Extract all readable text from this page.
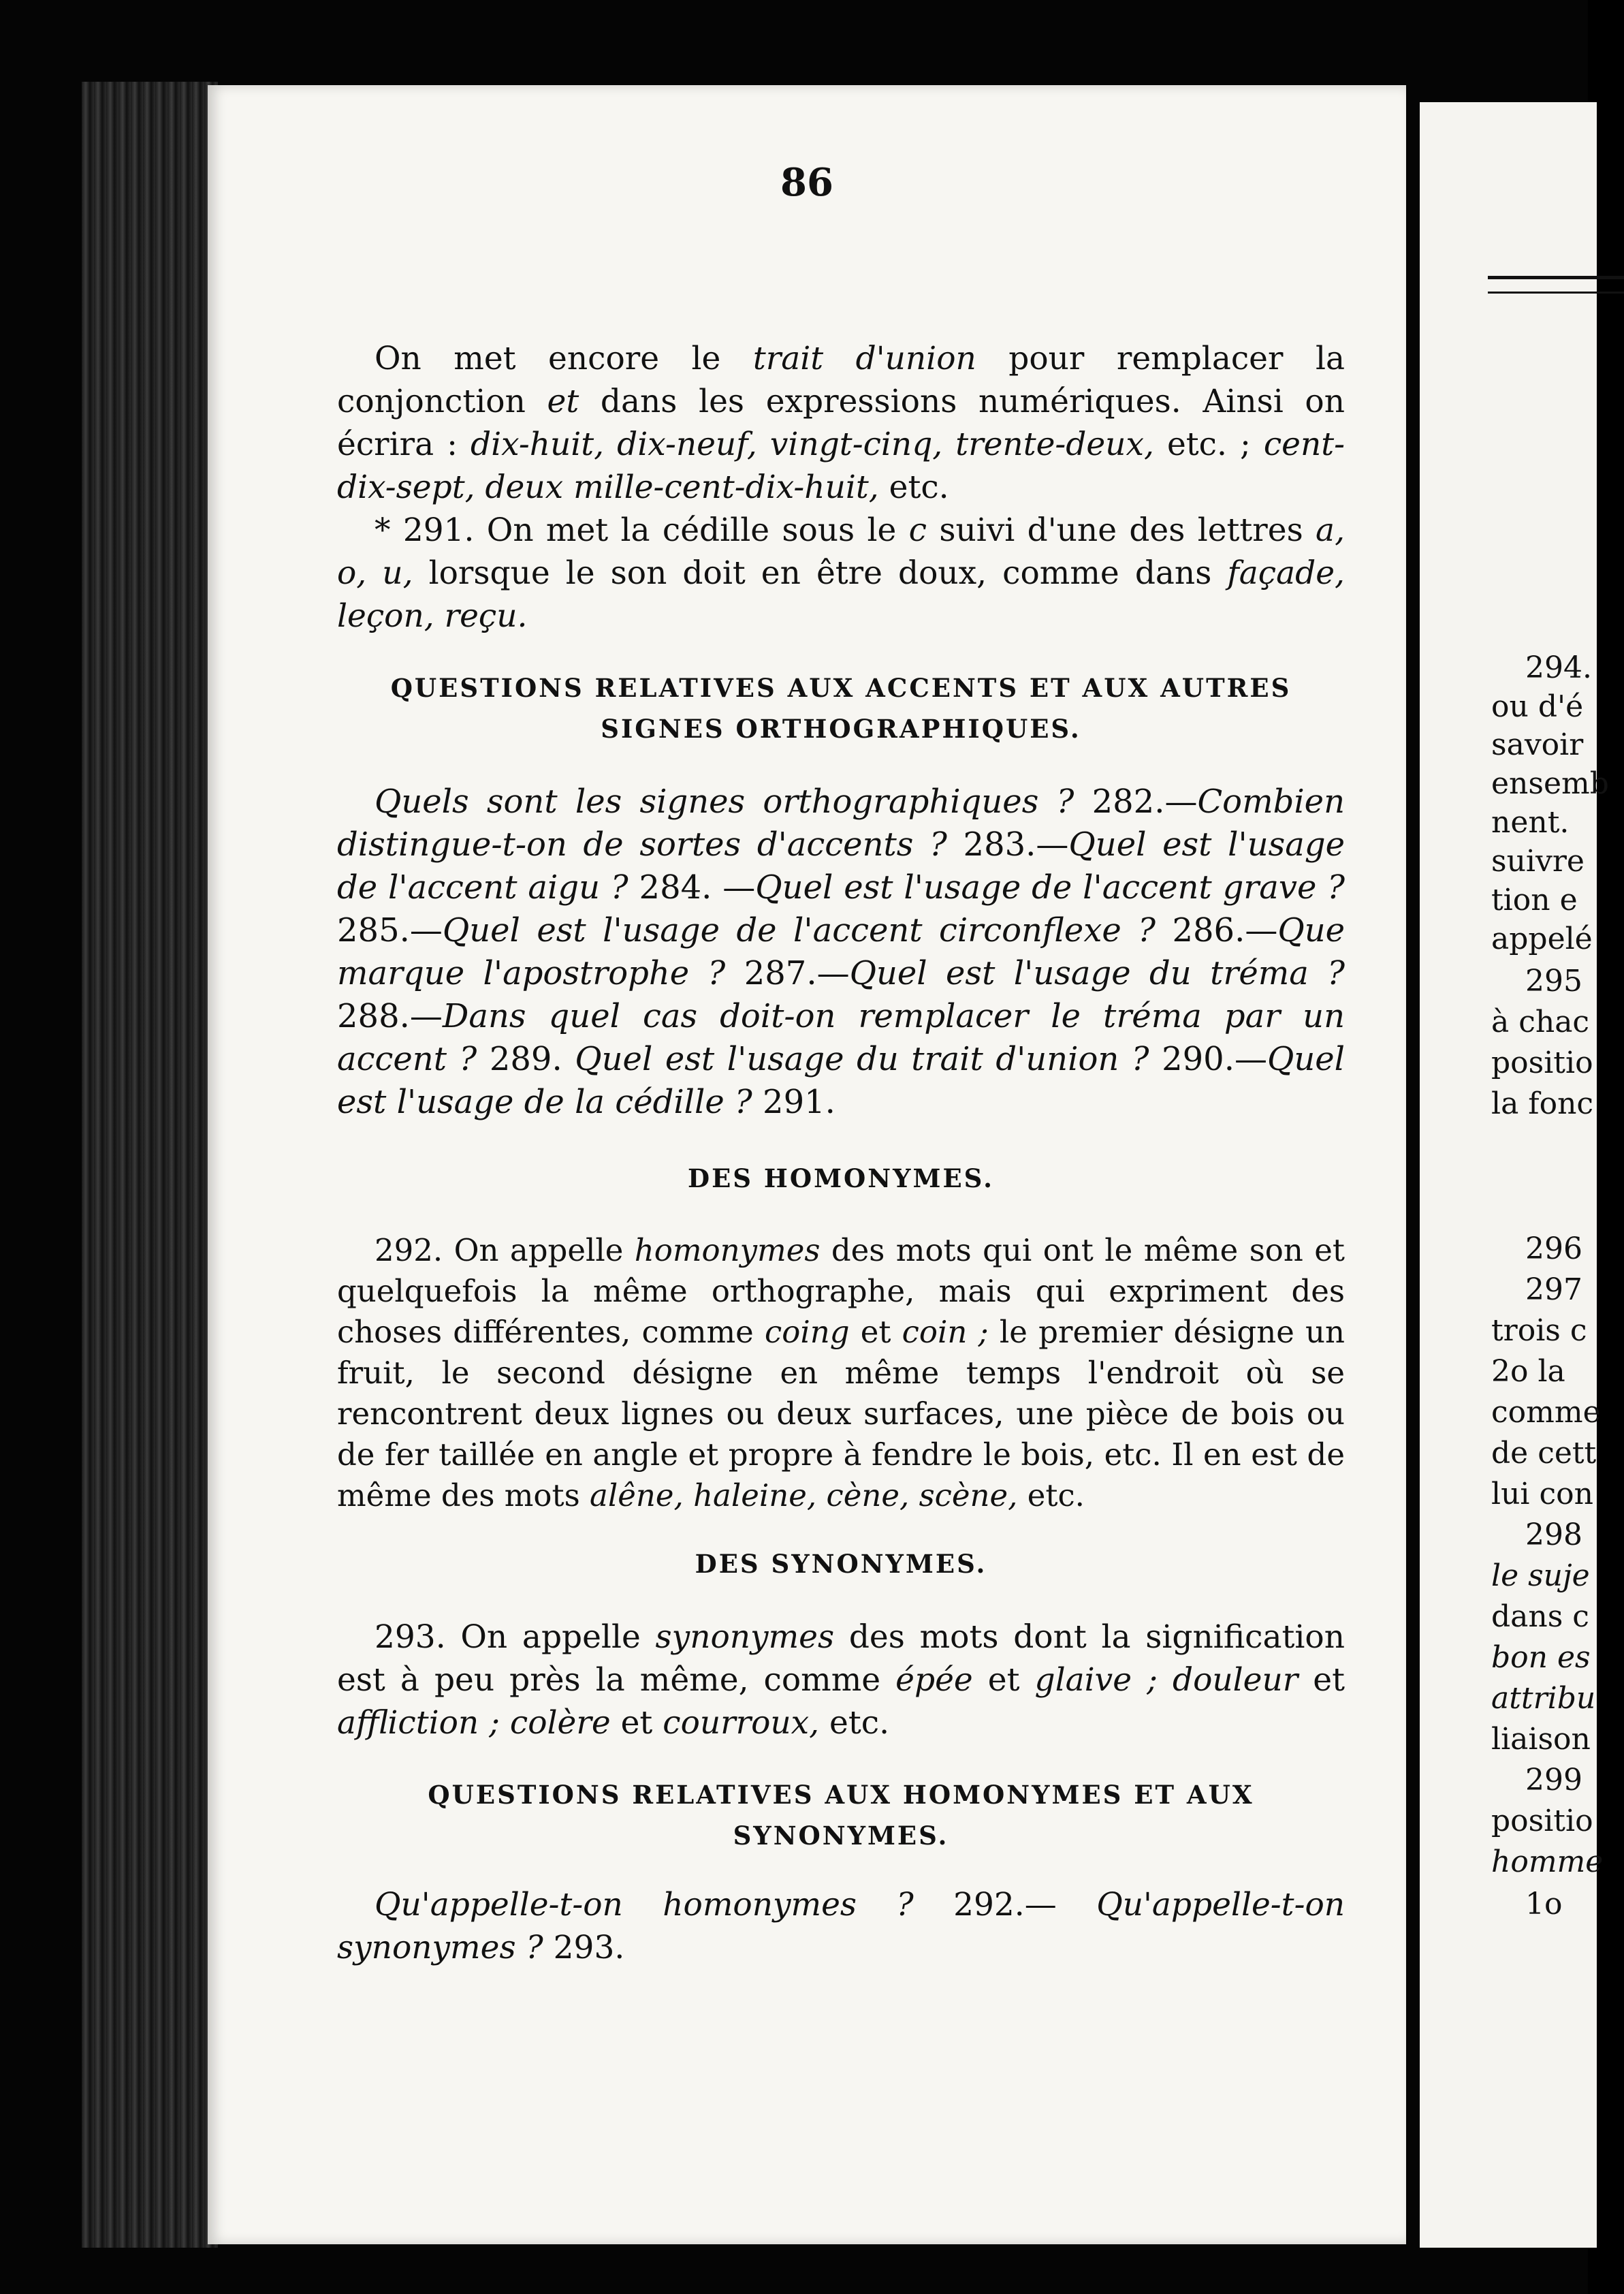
86

On met encore le trait d'union pour remplacer la conjonction et dans les expressions numériques. Ainsi on écrira : dix-huit, dix-neuf, vingt-cinq, trente-deux, etc. ; cent-dix-sept, deux mille-cent-dix-huit, etc.

* 291. On met la cédille sous le c suivi d'une des lettres a, o, u, lorsque le son doit en être doux, comme dans façade, leçon, reçu.

QUESTIONS RELATIVES AUX ACCENTS ET AUX AUTRES SIGNES ORTHOGRAPHIQUES.

Quels sont les signes orthographiques ? 282.—Combien distingue-t-on de sortes d'accents ? 283.—Quel est l'usage de l'accent aigu ? 284. —Quel est l'usage de l'accent grave ? 285.—Quel est l'usage de l'accent circonflexe ? 286.—Que marque l'apostrophe ? 287.—Quel est l'usage du tréma ? 288.—Dans quel cas doit-on remplacer le tréma par un accent ? 289. Quel est l'usage du trait d'union ? 290.—Quel est l'usage de la cédille ? 291.

DES HOMONYMES.

292. On appelle homonymes des mots qui ont le même son et quelquefois la même orthographe, mais qui expriment des choses différentes, comme coing et coin ; le premier désigne un fruit, le second désigne en même temps l'endroit où se rencontrent deux lignes ou deux surfaces, une pièce de bois ou de fer taillée en angle et propre à fendre le bois, etc. Il en est de même des mots alêne, haleine, cène, scène, etc.

DES SYNONYMES.

293. On appelle synonymes des mots dont la signification est à peu près la même, comme épée et glaive ; douleur et affliction ; colère et courroux, etc.

QUESTIONS RELATIVES AUX HOMONYMES ET AUX SYNONYMES.

Qu'appelle-t-on homonymes ? 292.— Qu'appelle-t-on synonymes ? 293.

294.
ou d'é
savoir
ensemb
nent.
suivre
tion e
appelé
295
à chac
positio
la fonc
296
297
trois c
2o la
comme
de cett
lui con
298
le suje
dans c
bon es
attribu
liaison
299
positio
homme
1o
